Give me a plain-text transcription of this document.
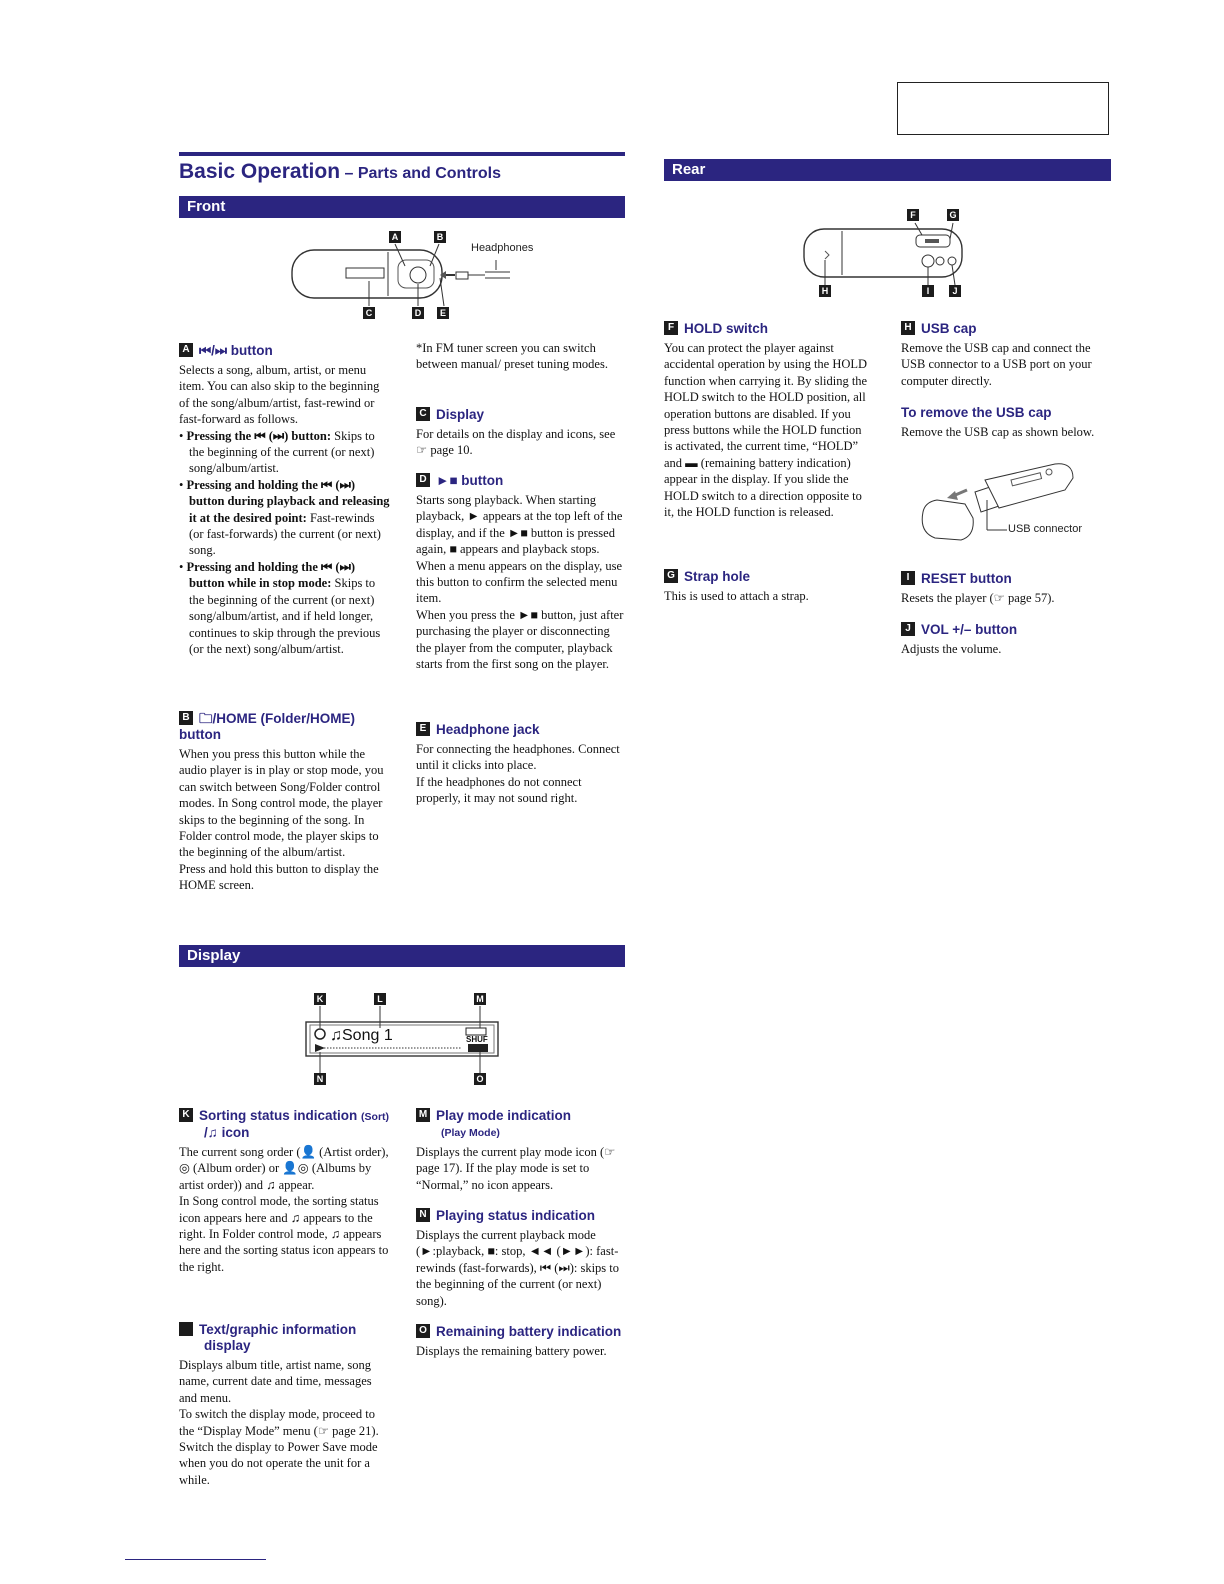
Basic Operation – Parts and Controls
Front
Rear
Display
A	B
C	D	E
Headphones
F	G
H	I	J
A ⏮/⏭ button

Selects a song, album, artist, or menu item. You can also skip to the beginning of the song/album/artist, fast-rewind or fast-forward as follows.

• Pressing the ⏮ (⏭) button: Skips to the beginning of the current (or next) song/album/artist.
• Pressing and holding the ⏮ (⏭) button during playback and releasing it at the desired point: Fast-rewinds (or fast-forwards) the current (or next) song.
• Pressing and holding the ⏮ (⏭) button while in stop mode: Skips to the beginning of the current (or next) song/album/artist, and if held longer, continues to skip through the previous (or the next) song/album/artist.
B 🗀/HOME (Folder/HOME) button

When you press this button while the audio player is in play or stop mode, you can switch between Song/Folder control modes. In Song control mode, the player skips to the beginning of the song. In Folder control mode, the player skips to the beginning of the album/artist.

Press and hold this button to display the HOME screen.

*In FM tuner screen you can switch between manual/ preset tuning modes.
C Display

For details on the display and icons, see ☞ page 10.

D ►■ button

Starts song playback. When starting playback, ► appears at the top left of the display, and if the ►■ button is pressed again, ■ appears and playback stops.

When a menu appears on the display, use this button to confirm the selected menu item.

When you press the ►■ button, just after purchasing the player or disconnecting the player from the computer, playback starts from the first song on the player.

E Headphone jack

For connecting the headphones. Connect until it clicks into place.

If the headphones do not connect properly, it may not sound right.

F HOLD switch

You can protect the player against accidental operation by using the HOLD function when carrying it. By sliding the HOLD switch to the HOLD position, all operation buttons are disabled. If you press buttons while the HOLD function is activated, the current time, “HOLD” and ▬ (remaining battery indication) appear in the display. If you slide the HOLD switch to a direction opposite to it, the HOLD function is released.

G Strap hole

This is used to attach a strap.

H USB cap

Remove the USB cap and connect the USB connector to a USB port on your computer directly.

To remove the USB cap

Remove the USB cap as shown below.

USB connector
I RESET button

Resets the player (☞ page 57).

J VOL +/– button

Adjusts the volume.

♫Song 1	SHUF
K	L	M
N	O
K Sorting status indication (Sort)
/♫ icon

The current song order (👤 (Artist order), ◎ (Album order) or 👤◎ (Albums by artist order)) and ♫ appear.

In Song control mode, the sorting status icon appears here and ♫ appears to the right. In Folder control mode, ♫ appears here and the sorting status icon appears to the right.

L Text/graphic information display

Displays album title, artist name, song name, current date and time, messages and menu.

To switch the display mode, proceed to the “Display Mode” menu (☞ page 21). Switch the display to Power Save mode when you do not operate the unit for a while.

M Play mode indication
(Play Mode)

Displays the current play mode icon (☞ page 17). If the play mode is set to “Normal,” no icon appears.

N Playing status indication

Displays the current playback mode (►:playback, ■: stop, ◄◄ (►►): fast-rewinds (fast-forwards), ⏮ (⏭): skips to the beginning of the current (or next) song).

O Remaining battery indication

Displays the remaining battery power.
